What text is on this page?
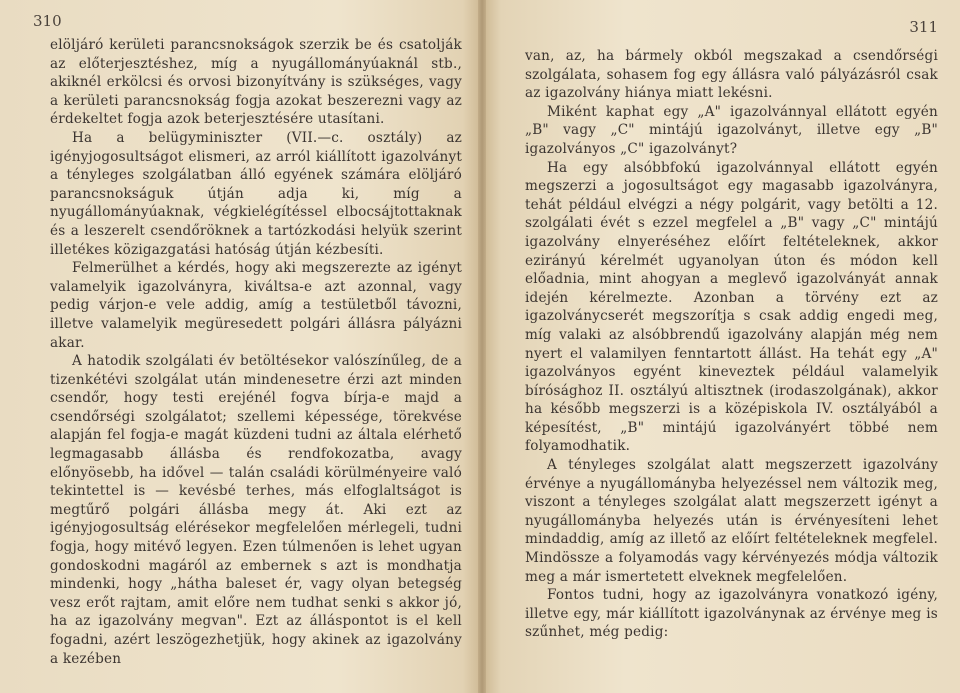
310

elöljáró kerületi parancsnokságok szerzik be és csatolják az előterjesztéshez, míg a nyugállományúaknál stb., akiknél erkölcsi és orvosi bizonyítvány is szükséges, vagy a kerületi parancsnokság fogja azokat beszerezni vagy az érdekeltet fogja azok beterjesztésére utasítani.

Ha a belügyminiszter (VII.—c. osztály) az igényjogosultságot elismeri, az arról kiállított igazolványt a tényleges szolgálatban álló egyének számára elöljáró parancsnokságuk útján adja ki, míg a nyugállományúaknak, végkielégítéssel elbocsájtottaknak és a leszerelt csendőröknek a tartózkodási helyük szerint illetékes közigazgatási hatóság útján kézbesíti.

Felmerülhet a kérdés, hogy aki megszerezte az igényt valamelyik igazolványra, kiváltsa-e azt azonnal, vagy pedig várjon-e vele addig, amíg a testületből távozni, illetve valamelyik megüresedett polgári állásra pályázni akar.

A hatodik szolgálati év betöltésekor valószínűleg, de a tizenkétévi szolgálat után mindenesetre érzi azt minden csendőr, hogy testi erejénél fogva bírja-e majd a csendőrségi szolgálatot; szellemi képessége, törekvése alapján fel fogja-e magát küzdeni tudni az általa elérhető legmagasabb állásba és rendfokozatba, avagy előnyösebb, ha idővel — talán családi körülményeire való tekintettel is — kevésbé terhes, más elfoglaltságot is megtűrő polgári állásba megy át. Aki ezt az igényjogosultság elérésekor megfelelően mérlegeli, tudni fogja, hogy mitévő legyen. Ezen túlmenően is lehet ugyan gondoskodni magáról az embernek s azt is mondhatja mindenki, hogy „hátha baleset ér, vagy olyan betegség vesz erőt rajtam, amit előre nem tudhat senki s akkor jó, ha az igazolvány megvan". Ezt az álláspontot is el kell fogadni, azért leszögezhetjük, hogy akinek az igazolvány a kezében

311

van, az, ha bármely okból megszakad a csendőrségi szolgálata, sohasem fog egy állásra való pályázásról csak az igazolvány hiánya miatt lekésni.

Miként kaphat egy „A" igazolvánnyal ellátott egyén „B" vagy „C" mintájú igazolványt, illetve egy „B" igazolványos „C" igazolványt?

Ha egy alsóbbfokú igazolvánnyal ellátott egyén megszerzi a jogosultságot egy magasabb igazolványra, tehát például elvégzi a négy polgárit, vagy betölti a 12. szolgálati évét s ezzel megfelel a „B" vagy „C" mintájú igazolvány elnyeréséhez előírt feltételeknek, akkor ezirányú kérelmét ugyanolyan úton és módon kell előadnia, mint ahogyan a meglevő igazolványát annak idején kérelmezte. Azonban a törvény ezt az igazolványcserét megszorítja s csak addig engedi meg, míg valaki az alsóbbrendű igazolvány alapján még nem nyert el valamilyen fenntartott állást. Ha tehát egy „A" igazolványos egyént kineveztek például valamelyik bírósághoz II. osztályú altisztnek (irodaszolgának), akkor ha később megszerzi is a középiskola IV. osztályából a képesítést, „B" mintájú igazolványért többé nem folyamodhatik.

A tényleges szolgálat alatt megszerzett igazolvány érvénye a nyugállományba helyezéssel nem változik meg, viszont a tényleges szolgálat alatt megszerzett igényt a nyugállományba helyezés után is érvényesíteni lehet mindaddig, amíg az illető az előírt feltételeknek megfelel. Mindössze a folyamodás vagy kérvényezés módja változik meg a már ismertetett elveknek megfelelően.

Fontos tudni, hogy az igazolványra vonatkozó igény, illetve egy, már kiállított igazolványnak az érvénye meg is szűnhet, még pedig:
